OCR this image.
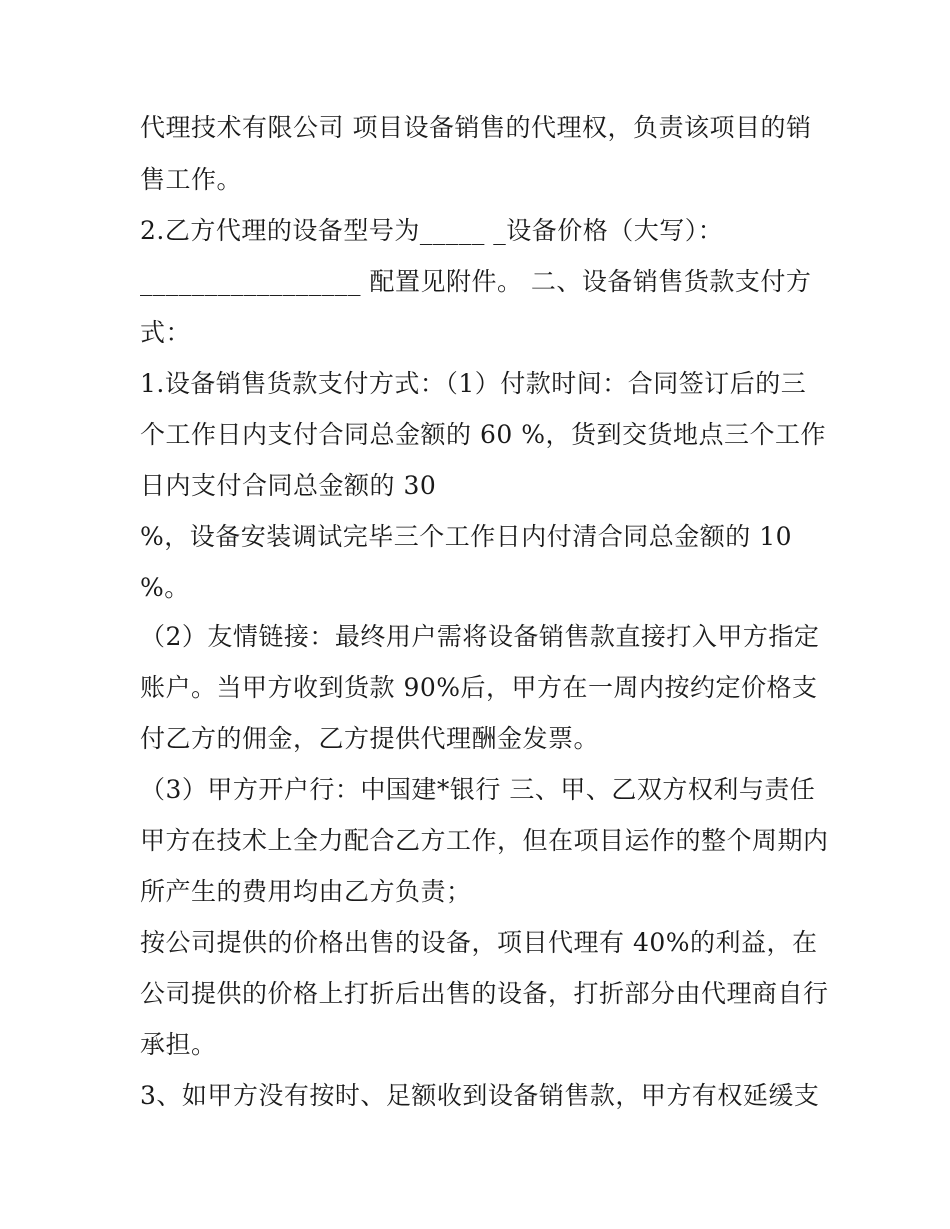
代理技术有限公司 项目设备销售的代理权，负责该项目的销
售工作。
2.乙方代理的设备型号为_____ _设备价格（大写）：
_________________ 配置见附件。 二、设备销售货款支付方
式：
1.设备销售货款支付方式：（1）付款时间：合同签订后的三
个工作日内支付合同总金额的 60 %，货到交货地点三个工作
日内支付合同总金额的 30
%，设备安装调试完毕三个工作日内付清合同总金额的 10
%。
（2）友情链接：最终用户需将设备销售款直接打入甲方指定
账户。当甲方收到货款 90%后，甲方在一周内按约定价格支
付乙方的佣金，乙方提供代理酬金发票。
（3）甲方开户行：中国建*银行 三、甲、乙双方权利与责任
甲方在技术上全力配合乙方工作，但在项目运作的整个周期内
所产生的费用均由乙方负责；
按公司提供的价格出售的设备，项目代理有 40%的利益，在
公司提供的价格上打折后出售的设备，打折部分由代理商自行
承担。
3、如甲方没有按时、足额收到设备销售款，甲方有权延缓支
